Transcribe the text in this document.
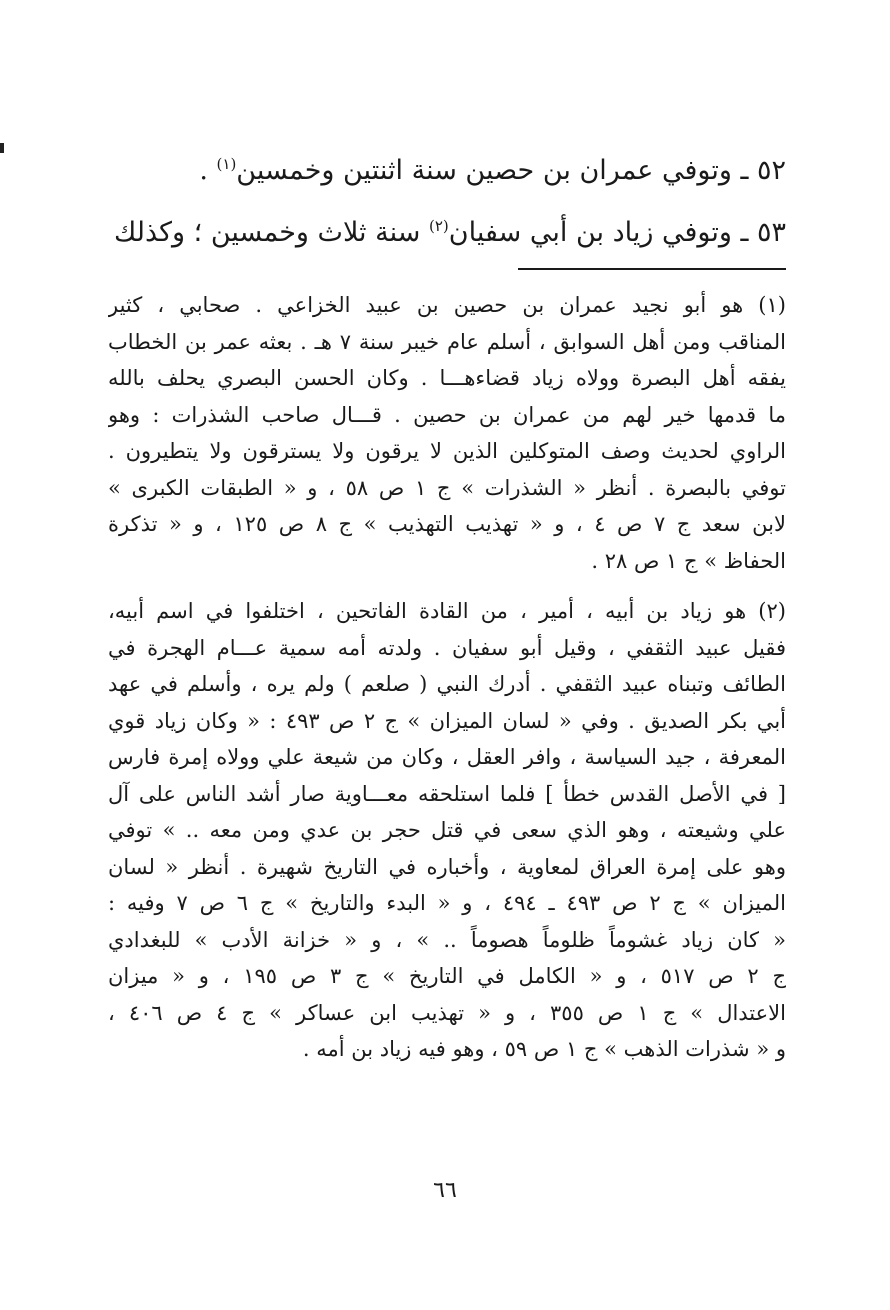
٥٢ ـ وتوفي عمران بن حصين سنة اثنتين وخمسين$^{(١)}$ .
٥٣ ـ وتوفي زياد بن أبي سفيان$^{(٢)}$ سنة ثلاث وخمسين ؛ وكذلك
(١) هو أبو نجيد عمران بن حصين بن عبيد الخزاعي . صحابي ، كثير
المناقب ومن أهل السوابق ، أسلم عام خيبر سنة ٧ هـ . بعثه عمر بن الخطاب
يفقه أهل البصرة وولاه زياد قضاءهـــا . وكان الحسن البصري يحلف بالله
ما قدمها خير لهم من عمران بن حصين . قـــال صاحب الشذرات : وهو
الراوي لحديث وصف المتوكلين الذين لا يرقون ولا يسترقون ولا يتطيرون .
توفي بالبصرة . أنظر « الشذرات » ج ١ ص ٥٨ ، و « الطبقات الكبرى »
لابن سعد ج ٧ ص ٤ ، و « تهذيب التهذيب » ج ٨ ص ١٢٥ ، و « تذكرة
الحفاظ » ج ١ ص ٢٨ .
(٢) هو زياد بن أبيه ، أمير ، من القادة الفاتحين ، اختلفوا في اسم أبيه،
فقيل عبيد الثقفي ، وقيل أبو سفيان . ولدته أمه سمية عـــام الهجرة في
الطائف وتبناه عبيد الثقفي . أدرك النبي ( صلعم ) ولم يره ، وأسلم في عهد
أبي بكر الصديق . وفي « لسان الميزان » ج ٢ ص ٤٩٣ : « وكان زياد قوي
المعرفة ، جيد السياسة ، وافر العقل ، وكان من شيعة علي وولاه إمرة فارس
[ في الأصل القدس خطأ ] فلما استلحقه معـــاوية صار أشد الناس على آل
علي وشيعته ، وهو الذي سعى في قتل حجر بن عدي ومن معه .. » توفي
وهو على إمرة العراق لمعاوية ، وأخباره في التاريخ شهيرة . أنظر « لسان
الميزان » ج ٢ ص ٤٩٣ ـ ٤٩٤ ، و « البدء والتاريخ » ج ٦ ص ٧ وفيه :
« كان زياد غشوماً ظلوماً هصوماً .. » ، و « خزانة الأدب » للبغدادي
ج ٢ ص ٥١٧ ، و « الكامل في التاريخ » ج ٣ ص ١٩٥ ، و « ميزان
الاعتدال » ج ١ ص ٣٥٥ ، و « تهذيب ابن عساكر » ج ٤ ص ٤٠٦ ،
و « شذرات الذهب » ج ١ ص ٥٩ ، وهو فيه زياد بن أمه .
٦٦
